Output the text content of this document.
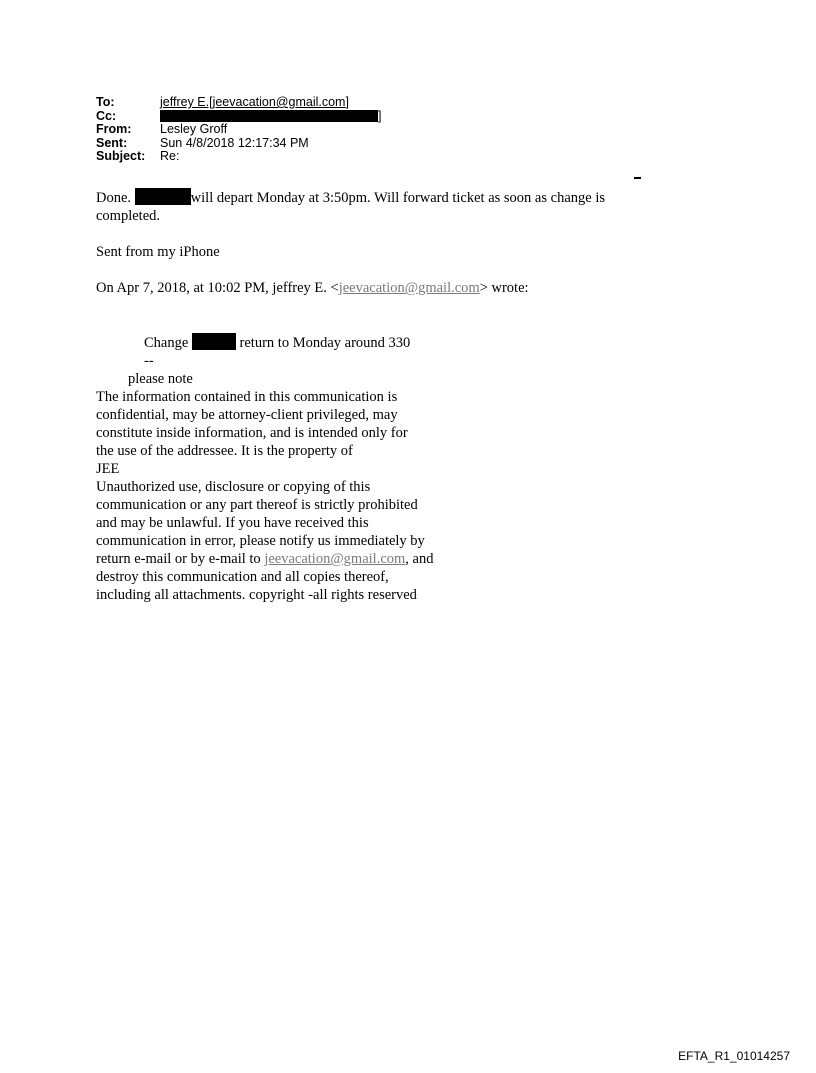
To:	jeffrey E.[jeevacation@gmail.com]
Cc:	]
From:	Lesley Groff
Sent:	Sun 4/8/2018 12:17:34 PM
Subject:	Re:

Done.	will depart Monday at 3:50pm. Will forward ticket as soon as change is

completed.

Sent from my iPhone

On Apr 7, 2018, at 10:02 PM, jeffrey E. <jeevacation@gmail.com> wrote:

Change	return to Monday around 330

--

please note

The information contained in this communication is

confidential, may be attorney-client privileged, may

constitute inside information, and is intended only for

the use of the addressee. It is the property of

JEE

Unauthorized use, disclosure or copying of this

communication or any part thereof is strictly prohibited

and may be unlawful. If you have received this

communication in error, please notify us immediately by

return e-mail or by e-mail to jeevacation@gmail.com, and

destroy this communication and all copies thereof,

including all attachments. copyright -all rights reserved

EFTA_R1_01014257
